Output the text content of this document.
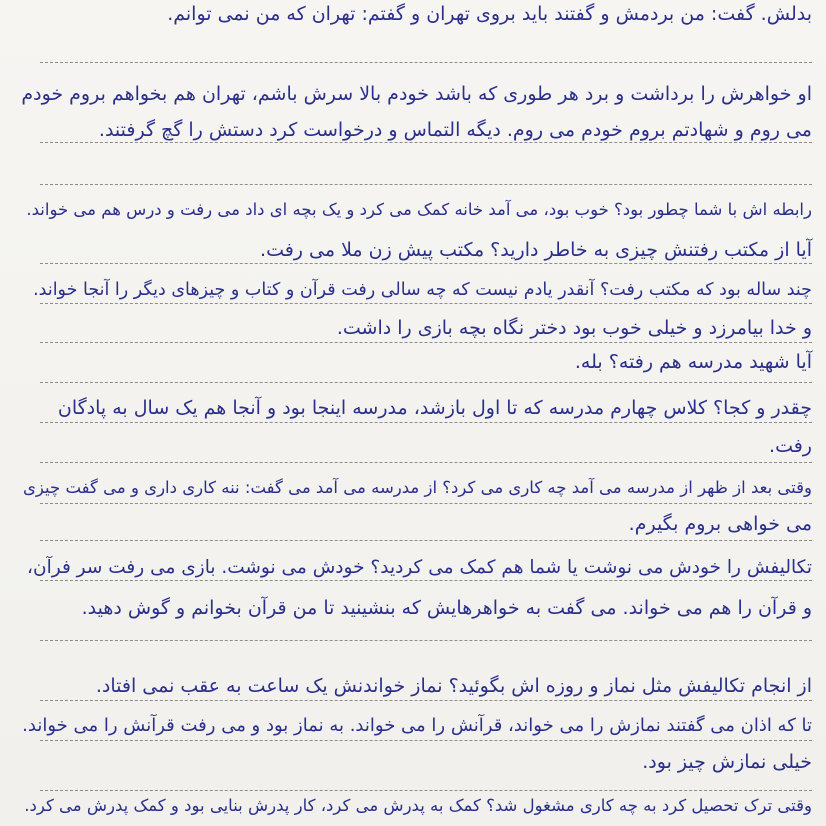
بدلش. گفت: من بردمش و گفتند باید بروی تهران و گفتم: تهران که من نمی توانم.
او خواهرش را برداشت و برد هر طوری که باشد خودم بالا سرش باشم، تهران هم بخواهم بروم خودم
می روم و شهادتم بروم خودم می روم. دیگه التماس و درخواست کرد دستش را گچ گرفتند.
رابطه اش با شما چطور بود؟ خوب بود، می آمد خانه کمک می کرد و یک بچه ای داد می رفت و درس هم می خواند.
آیا از مکتب رفتنش چیزی به خاطر دارید؟ مکتب پیش زن ملا می رفت.
چند ساله بود که مکتب رفت؟ آنقدر یادم نیست که چه سالی رفت قرآن و کتاب و چیزهای دیگر را آنجا خواند.
و خدا بیامرزد و خیلی خوب بود دختر نگاه بچه بازی را داشت.
آیا شهید مدرسه هم رفته؟ بله.
چقدر و کجا؟ کلاس چهارم مدرسه که تا اول بازشد، مدرسه اینجا بود و آنجا هم یک سال به پادگان
رفت.
وقتی بعد از ظهر از مدرسه می آمد چه کاری می کرد؟ از مدرسه می آمد می گفت: ننه کاری داری و می گفت چیزی
می خواهی بروم بگیرم.
تکالیفش را خودش می نوشت یا شما هم کمک می کردید؟ خودش می نوشت. بازی می رفت سر فرآن،
و قرآن را هم می خواند. می گفت به خواهرهایش که بنشینید تا من قرآن بخوانم و گوش دهید.
از انجام تکالیفش مثل نماز و روزه اش بگوئید؟ نماز خواندنش یک ساعت به عقب نمی افتاد.
تا که اذان می گفتند نمازش را می خواند، قرآنش را می خواند. به نماز بود و می رفت قرآنش را می خواند.
خیلی نمازش چیز بود.
وقتی ترک تحصیل کرد به چه کاری مشغول شد؟ کمک به پدرش می کرد، کار پدرش بنایی بود و کمک پدرش می کرد.
